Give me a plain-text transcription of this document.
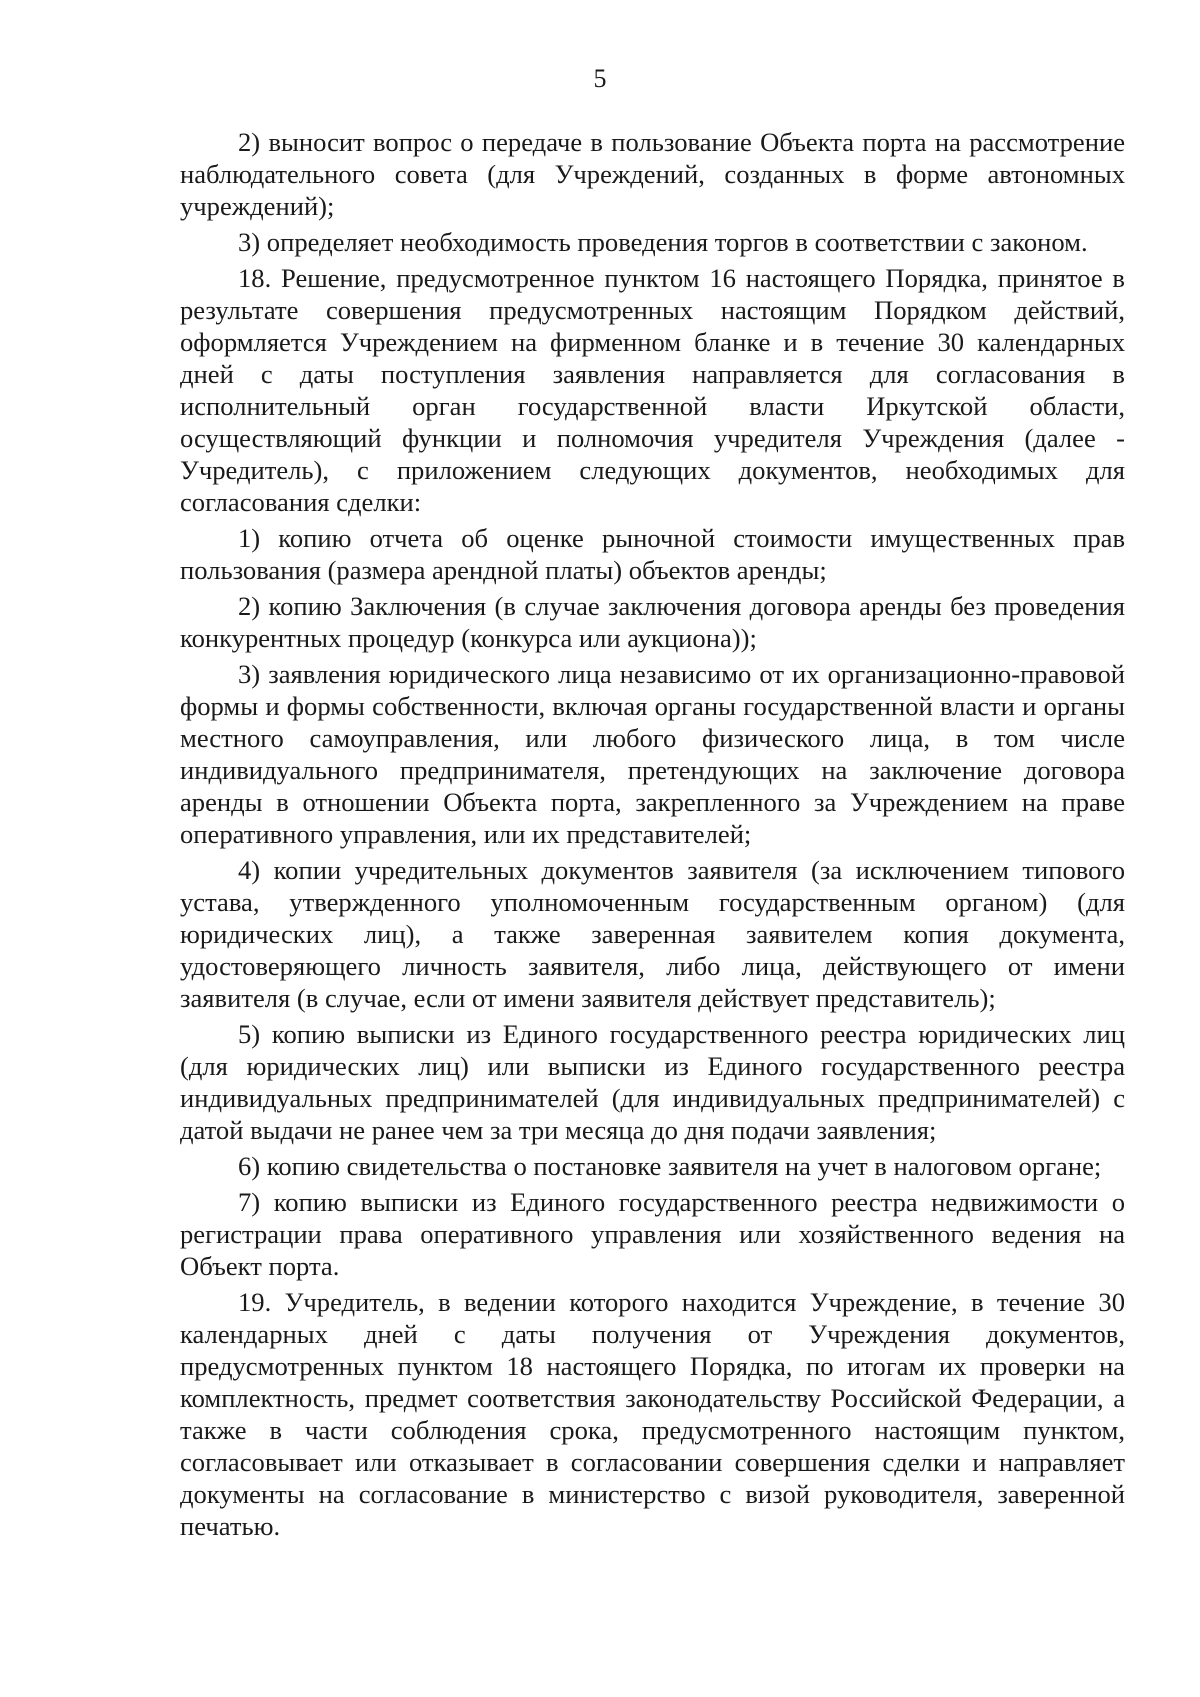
5

2) выносит вопрос о передаче в пользование Объекта порта на рассмотрение наблюдательного совета (для Учреждений, созданных в форме автономных учреждений);

3) определяет необходимость проведения торгов в соответствии с законом.

18. Решение, предусмотренное пунктом 16 настоящего Порядка, принятое в результате совершения предусмотренных настоящим Порядком действий, оформляется Учреждением на фирменном бланке и в течение 30 календарных дней с даты поступления заявления направляется для согласования в исполнительный орган государственной власти Иркутской области, осуществляющий функции и полномочия учредителя Учреждения (далее - Учредитель), с приложением следующих документов, необходимых для согласования сделки:

1) копию отчета об оценке рыночной стоимости имущественных прав пользования (размера арендной платы) объектов аренды;

2) копию Заключения (в случае заключения договора аренды без проведения конкурентных процедур (конкурса или аукциона));

3) заявления юридического лица независимо от их организационно-правовой формы и формы собственности, включая органы государственной власти и органы местного самоуправления, или любого физического лица, в том числе индивидуального предпринимателя, претендующих на заключение договора аренды в отношении Объекта порта, закрепленного за Учреждением на праве оперативного управления, или их представителей;

4) копии учредительных документов заявителя (за исключением типового устава, утвержденного уполномоченным государственным органом) (для юридических лиц), а также заверенная заявителем копия документа, удостоверяющего личность заявителя, либо лица, действующего от имени заявителя (в случае, если от имени заявителя действует представитель);

5) копию выписки из Единого государственного реестра юридических лиц (для юридических лиц) или выписки из Единого государственного реестра индивидуальных предпринимателей (для индивидуальных предпринимателей) с датой выдачи не ранее чем за три месяца до дня подачи заявления;

6) копию свидетельства о постановке заявителя на учет в налоговом органе;

7) копию выписки из Единого государственного реестра недвижимости о регистрации права оперативного управления или хозяйственного ведения на Объект порта.

19. Учредитель, в ведении которого находится Учреждение, в течение 30 календарных дней с даты получения от Учреждения документов, предусмотренных пунктом 18 настоящего Порядка, по итогам их проверки на комплектность, предмет соответствия законодательству Российской Федерации, а также в части соблюдения срока, предусмотренного настоящим пунктом, согласовывает или отказывает в согласовании совершения сделки и направляет документы на согласование в министерство с визой руководителя, заверенной печатью.
